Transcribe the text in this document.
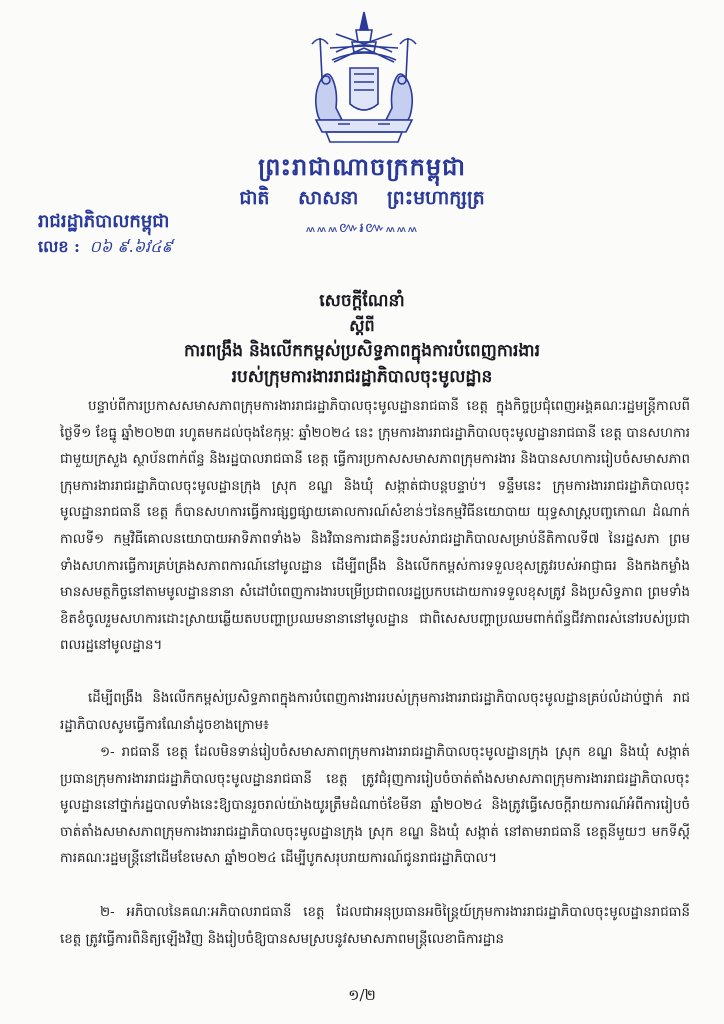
ព្រះរាជាណាចក្រកម្ពុជា
ជាតិ សាសនា ព្រះមហាក្សត្រ
៳៳៳៚៛៚៳៳៳
រាជរដ្ឋាភិបាលកម្ពុជា
លេខ : ០៦ ៩.៦វ៤៩
សេចក្តីណែនាំ
ស្តីពី
ការពង្រឹង និងលើកកម្ពស់ប្រសិទ្ធភាពក្នុងការបំពេញការងារ
របស់ក្រុមការងាររាជរដ្ឋាភិបាលចុះមូលដ្ឋាន
បន្ទាប់ពីការប្រកាសសមាសភាពក្រុមការងាររាជរដ្ឋាភិបាលចុះមូលដ្ឋានរាជធានី ខេត្ត ក្នុងកិច្ចប្រជុំពេញអង្គគណៈរដ្ឋមន្ត្រីកាលពីថ្ងៃទី១ ខែធ្នូ ឆ្នាំ២០២៣ រហូតមកដល់ចុងខែកុម្ភៈ ឆ្នាំ២០២៤ នេះ ក្រុមការងាររាជរដ្ឋាភិបាលចុះមូលដ្ឋានរាជធានី ខេត្ត បានសហការជាមួយក្រសួង ស្ថាប័នពាក់ព័ន្ធ និងរដ្ឋបាលរាជធានី ខេត្ត ធ្វើការប្រកាសសមាសភាពក្រុមការងារ និងបានសហការរៀបចំសមាសភាពក្រុមការងាររាជរដ្ឋាភិបាលចុះមូលដ្ឋានក្រុង ស្រុក ខណ្ឌ និងឃុំ សង្កាត់ជាបន្តបន្ទាប់។ ទន្ទឹមនេះ ក្រុមការងាររាជរដ្ឋាភិបាលចុះមូលដ្ឋានរាជធានី ខេត្ត ក៏បានសហការធ្វើការផ្សព្វផ្សាយគោលការណ៍សំខាន់ៗនៃកម្មវិធីនយោបាយ យុទ្ធសាស្ត្របញ្ចកោណ ដំណាក់កាលទី១ កម្មវិធីគោលនយោបាយអាទិភាពទាំង៦ និងវិធានការជាគន្លឹះរបស់រាជរដ្ឋាភិបាលសម្រាប់នីតិកាលទី៧ នៃរដ្ឋសភា ព្រមទាំងសហការធ្វើការគ្រប់គ្រងសភាពការណ៍នៅមូលដ្ឋាន ដើម្បីពង្រឹង និងលើកកម្ពស់ការទទួលខុសត្រូវរបស់អាជ្ញាធរ និងកងកម្លាំងមានសមត្ថកិច្ចនៅតាមមូលដ្ឋាននានា សំដៅបំពេញការងារបម្រើប្រជាពលរដ្ឋប្រកបដោយការទទួលខុសត្រូវ និងប្រសិទ្ធភាព ព្រមទាំងខិតខំចូលរួមសហការដោះស្រាយឆ្លើយតបបញ្ហាប្រឈមនានានៅមូលដ្ឋាន ជាពិសេសបញ្ហាប្រឈមពាក់ព័ន្ធជីវភាពរស់នៅរបស់ប្រជាពលរដ្ឋនៅមូលដ្ឋាន។
ដើម្បីពង្រឹង និងលើកកម្ពស់ប្រសិទ្ធភាពក្នុងការបំពេញការងាររបស់ក្រុមការងាររាជរដ្ឋាភិបាលចុះមូលដ្ឋានគ្រប់លំដាប់ថ្នាក់ រាជរដ្ឋាភិបាលសូមធ្វើការណែនាំដូចខាងក្រោម៖
១- រាជធានី ខេត្ត ដែលមិនទាន់រៀបចំសមាសភាពក្រុមការងាររាជរដ្ឋាភិបាលចុះមូលដ្ឋានក្រុង ស្រុក ខណ្ឌ និងឃុំ សង្កាត់ ប្រធានក្រុមការងាររាជរដ្ឋាភិបាលចុះមូលដ្ឋានរាជធានី ខេត្ត ត្រូវជំរុញការរៀបចំចាត់តាំងសមាសភាពក្រុមការងាររាជរដ្ឋាភិបាលចុះមូលដ្ឋាននៅថ្នាក់រដ្ឋបាលទាំងនេះឱ្យបានរួចរាល់យ៉ាងយូរត្រឹមដំណាច់ខែមីនា ឆ្នាំ២០២៤ និងត្រូវធ្វើសេចក្តីរាយការណ៍អំពីការរៀបចំចាត់តាំងសមាសភាពក្រុមការងាររាជរដ្ឋាភិបាលចុះមូលដ្ឋានក្រុង ស្រុក ខណ្ឌ និងឃុំ សង្កាត់ នៅតាមរាជធានី ខេត្តនីមួយៗ មកទីស្តីការគណៈរដ្ឋមន្ត្រីនៅដើមខែមេសា ឆ្នាំ២០២៤ ដើម្បីបូកសរុបរាយការណ៍ជូនរាជរដ្ឋាភិបាល។
២- អភិបាលនៃគណៈអភិបាលរាជធានី ខេត្ត ដែលជាអនុប្រធានអចិន្ត្រៃយ៍ក្រុមការងាររាជរដ្ឋាភិបាលចុះមូលដ្ឋានរាជធានី ខេត្ត ត្រូវធ្វើការពិនិត្យឡើងវិញ និងរៀបចំឱ្យបានសមស្របនូវសមាសភាពមន្ត្រីលេខាធិការដ្ឋាន
១/២
